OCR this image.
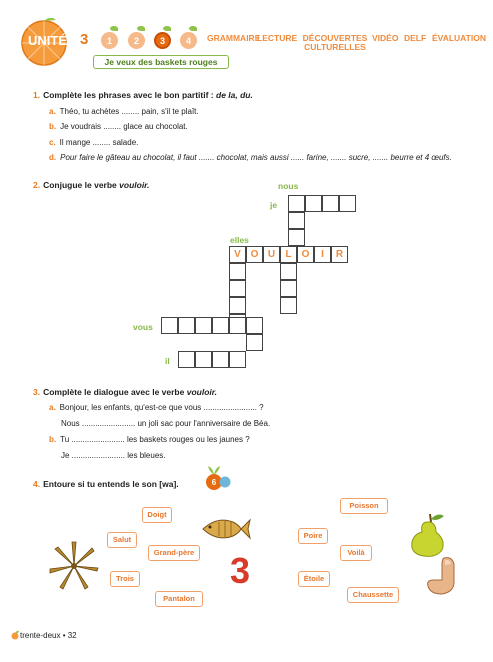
UNITÉ 3	1	2	3	4	GRAMMAIRE
LECTURE DÉCOUVERTES CULTURELLES
VIDÉO DELF ÉVALUATION
Je veux des baskets rouges
1. Complète les phrases avec le bon partitif : de la, du.
a. Théo, tu achètes ........ pain, s'il te plaît.
b. Je voudrais ........ glace au chocolat.
c. Il mange ........ salade.
d. Pour faire le gâteau au chocolat, il faut ....... chocolat, mais aussi ...... farine, ....... sucre, ....... beurre et 4 œufs.
2. Conjugue le verbe vouloir.	nous
je
elles
vous
il
V O U	L	O	I	R
3. Complète le dialogue avec le verbe vouloir.
a. Bonjour, les enfants, qu'est-ce que vous ........................ ?
Nous ........................ un joli sac pour l'anniversaire de Béa.
b. Tu ........................ les baskets rouges ou les jaunes ?
Je ........................ les bleues.
4. Entoure si tu entends le son [wa].	6
Doigt
Salut
Grand-père
Trois
Pantalon
Poire
Poisson
Voilà
Étoile
Chaussette
3
trente-deux • 32
